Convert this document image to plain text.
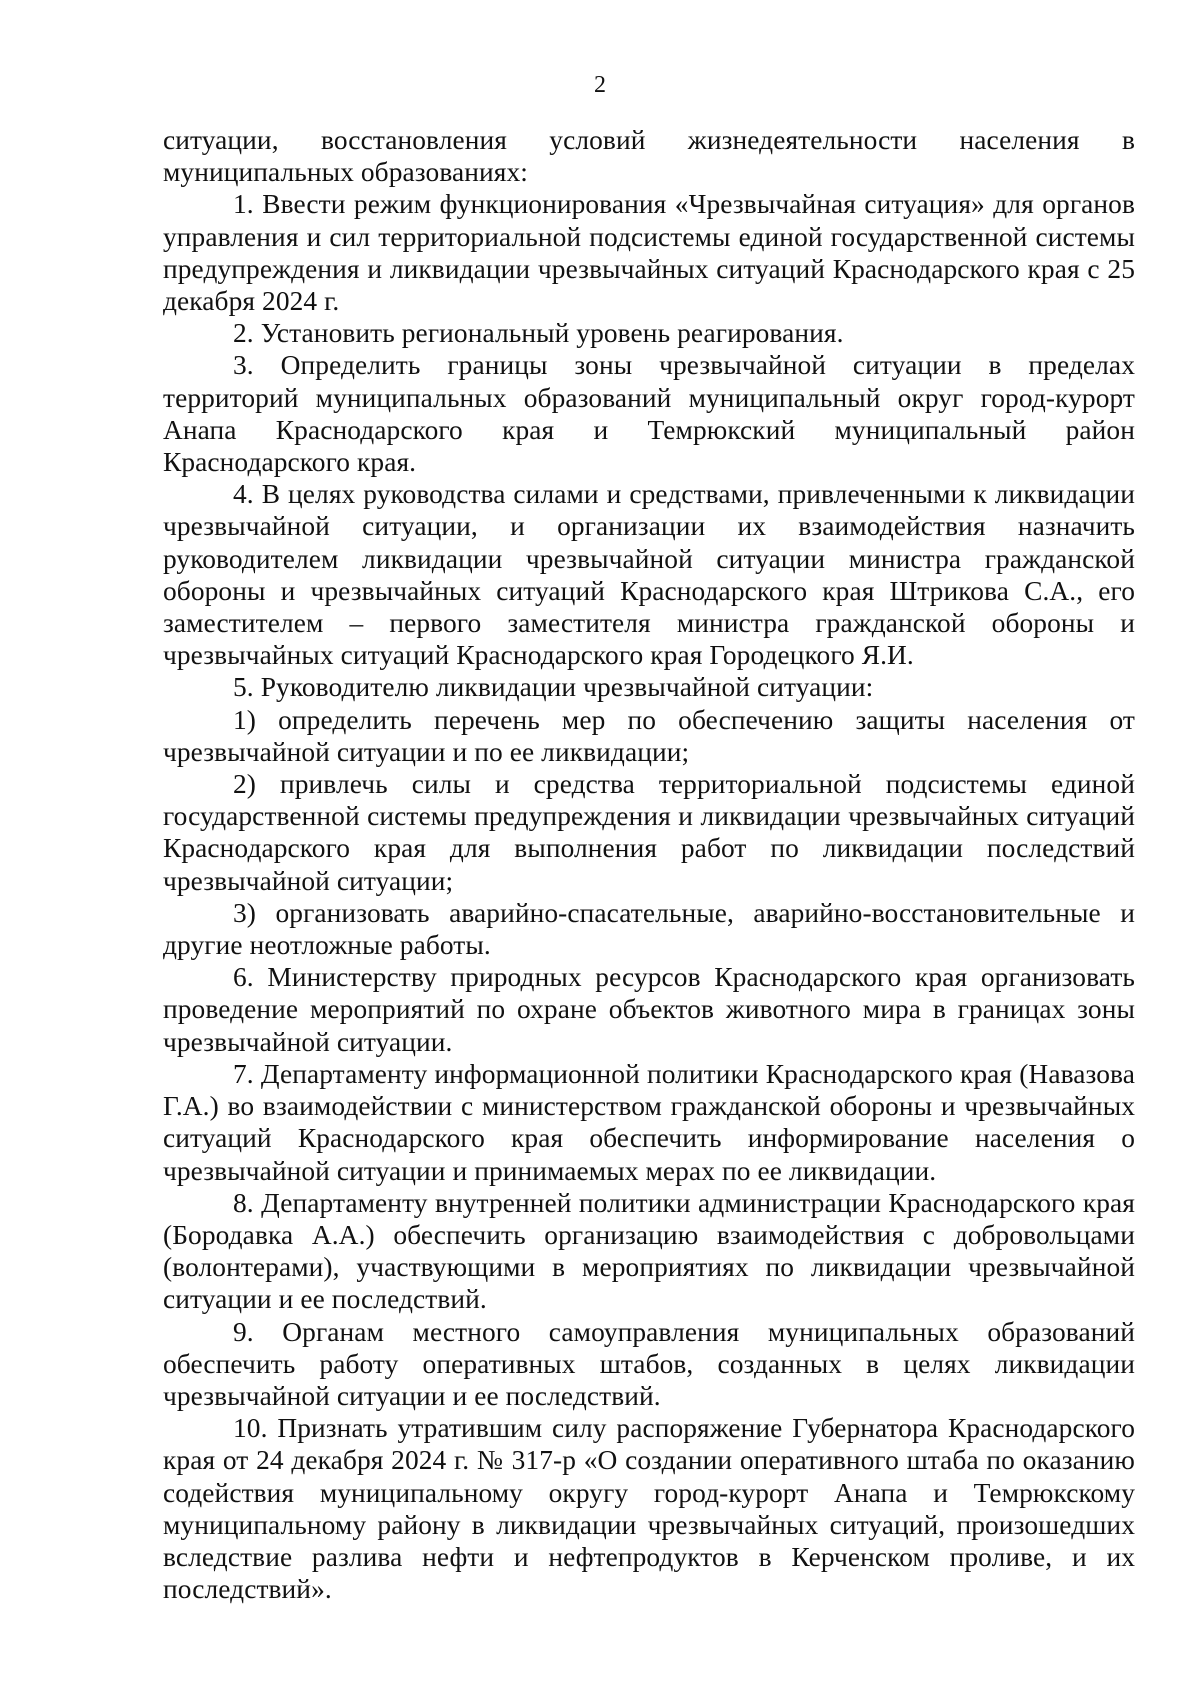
2

ситуации, восстановления условий жизнедеятельности населения в муниципальных образованиях:

1. Ввести режим функционирования «Чрезвычайная ситуация» для органов управления и сил территориальной подсистемы единой государственной системы предупреждения и ликвидации чрезвычайных ситуаций Краснодарского края с 25 декабря 2024 г.

2. Установить региональный уровень реагирования.

3. Определить границы зоны чрезвычайной ситуации в пределах территорий муниципальных образований муниципальный округ город-курорт Анапа Краснодарского края и Темрюкский муниципальный район Краснодарского края.

4. В целях руководства силами и средствами, привлеченными к ликвидации чрезвычайной ситуации, и организации их взаимодействия назначить руководителем ликвидации чрезвычайной ситуации министра гражданской обороны и чрезвычайных ситуаций Краснодарского края Штрикова С.А., его заместителем – первого заместителя министра гражданской обороны и чрезвычайных ситуаций Краснодарского края Городецкого Я.И.

5. Руководителю ликвидации чрезвычайной ситуации:

1) определить перечень мер по обеспечению защиты населения от чрезвычайной ситуации и по ее ликвидации;

2) привлечь силы и средства территориальной подсистемы единой государственной системы предупреждения и ликвидации чрезвычайных ситуаций Краснодарского края для выполнения работ по ликвидации последствий чрезвычайной ситуации;

3) организовать аварийно-спасательные, аварийно-восстановительные и другие неотложные работы.

6. Министерству природных ресурсов Краснодарского края организовать проведение мероприятий по охране объектов животного мира в границах зоны чрезвычайной ситуации.

7. Департаменту информационной политики Краснодарского края (Навазова Г.А.) во взаимодействии с министерством гражданской обороны и чрезвычайных ситуаций Краснодарского края обеспечить информирование населения о чрезвычайной ситуации и принимаемых мерах по ее ликвидации.

8. Департаменту внутренней политики администрации Краснодарского края (Бородавка А.А.) обеспечить организацию взаимодействия с добровольцами (волонтерами), участвующими в мероприятиях по ликвидации чрезвычайной ситуации и ее последствий.

9. Органам местного самоуправления муниципальных образований обеспечить работу оперативных штабов, созданных в целях ликвидации чрезвычайной ситуации и ее последствий.

10. Признать утратившим силу распоряжение Губернатора Краснодарского края от 24 декабря 2024 г. № 317-р «О создании оперативного штаба по оказанию содействия муниципальному округу город-курорт Анапа и Темрюкскому муниципальному району в ликвидации чрезвычайных ситуаций, произошедших вследствие разлива нефти и нефтепродуктов в Керченском проливе, и их последствий».
